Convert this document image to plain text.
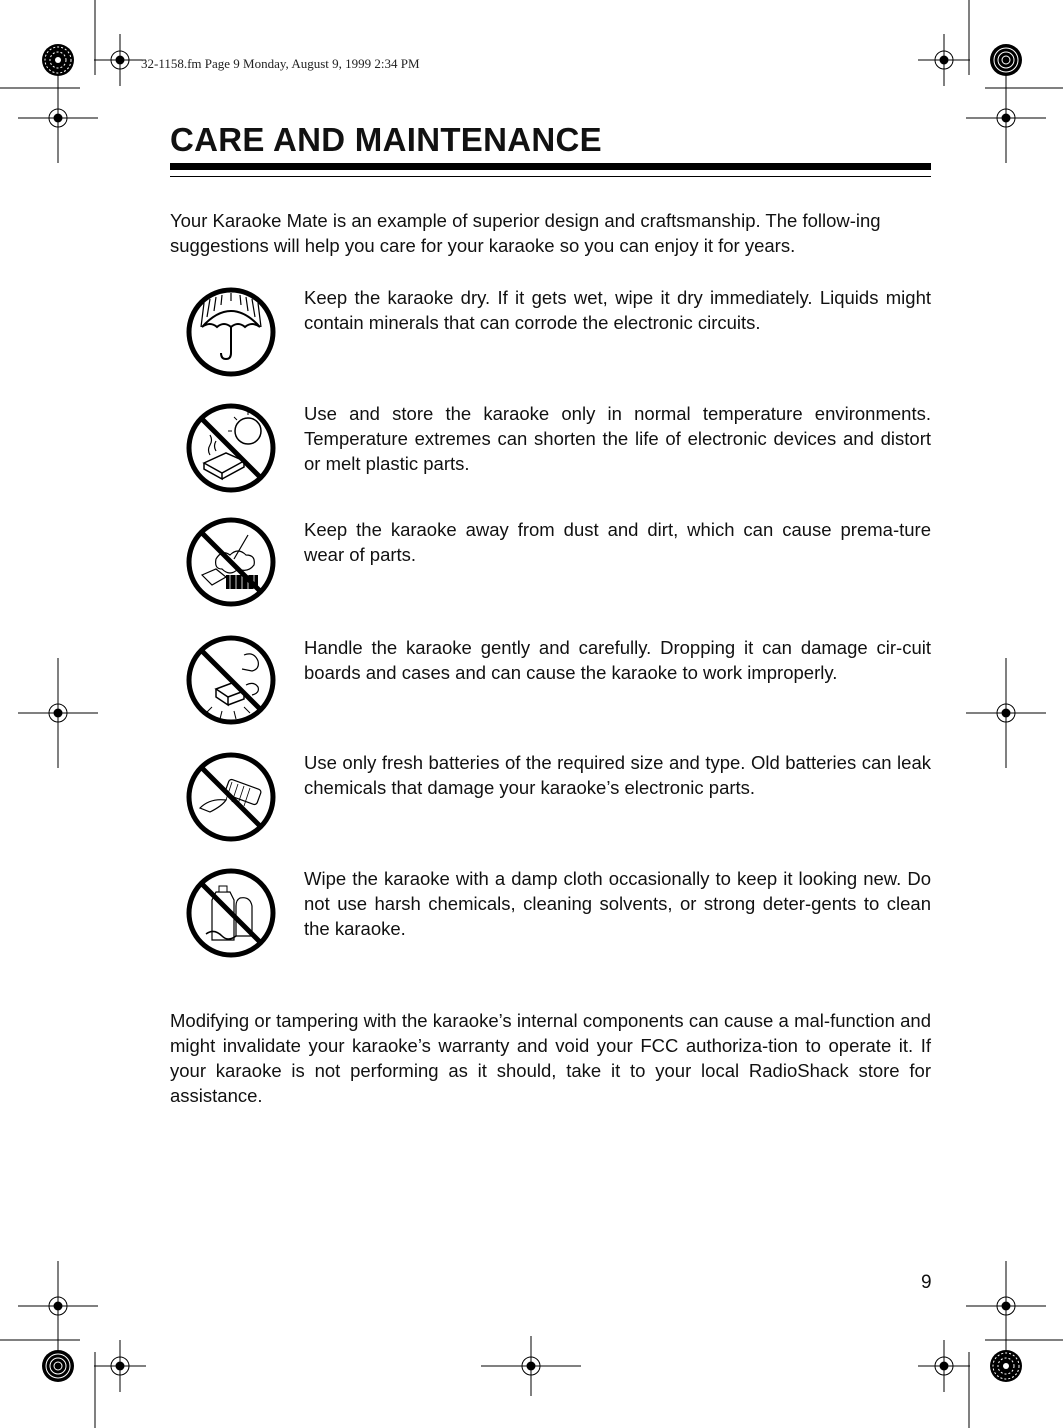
32-1158.fm Page 9 Monday, August 9, 1999 2:34 PM
CARE AND MAINTENANCE

Your Karaoke Mate is an example of superior design and craftsmanship. The follow-ing suggestions will help you care for your karaoke so you can enjoy it for years.

Keep the karaoke dry. If it gets wet, wipe it dry immediately. Liquids might contain minerals that can corrode the electronic circuits.

Use and store the karaoke only in normal temperature environments. Temperature extremes can shorten the life of electronic devices and distort or melt plastic parts.

Keep the karaoke away from dust and dirt, which can cause prema-ture wear of parts.

Handle the karaoke gently and carefully. Dropping it can damage cir-cuit boards and cases and can cause the karaoke to work improperly.

Use only fresh batteries of the required size and type. Old batteries can leak chemicals that damage your karaoke’s electronic parts.

Wipe the karaoke with a damp cloth occasionally to keep it looking new. Do not use harsh chemicals, cleaning solvents, or strong deter-gents to clean the karaoke.

Modifying or tampering with the karaoke’s internal components can cause a mal-function and might invalidate your karaoke’s warranty and void your FCC authoriza-tion to operate it. If your karaoke is not performing as it should, take it to your local RadioShack store for assistance.

9
